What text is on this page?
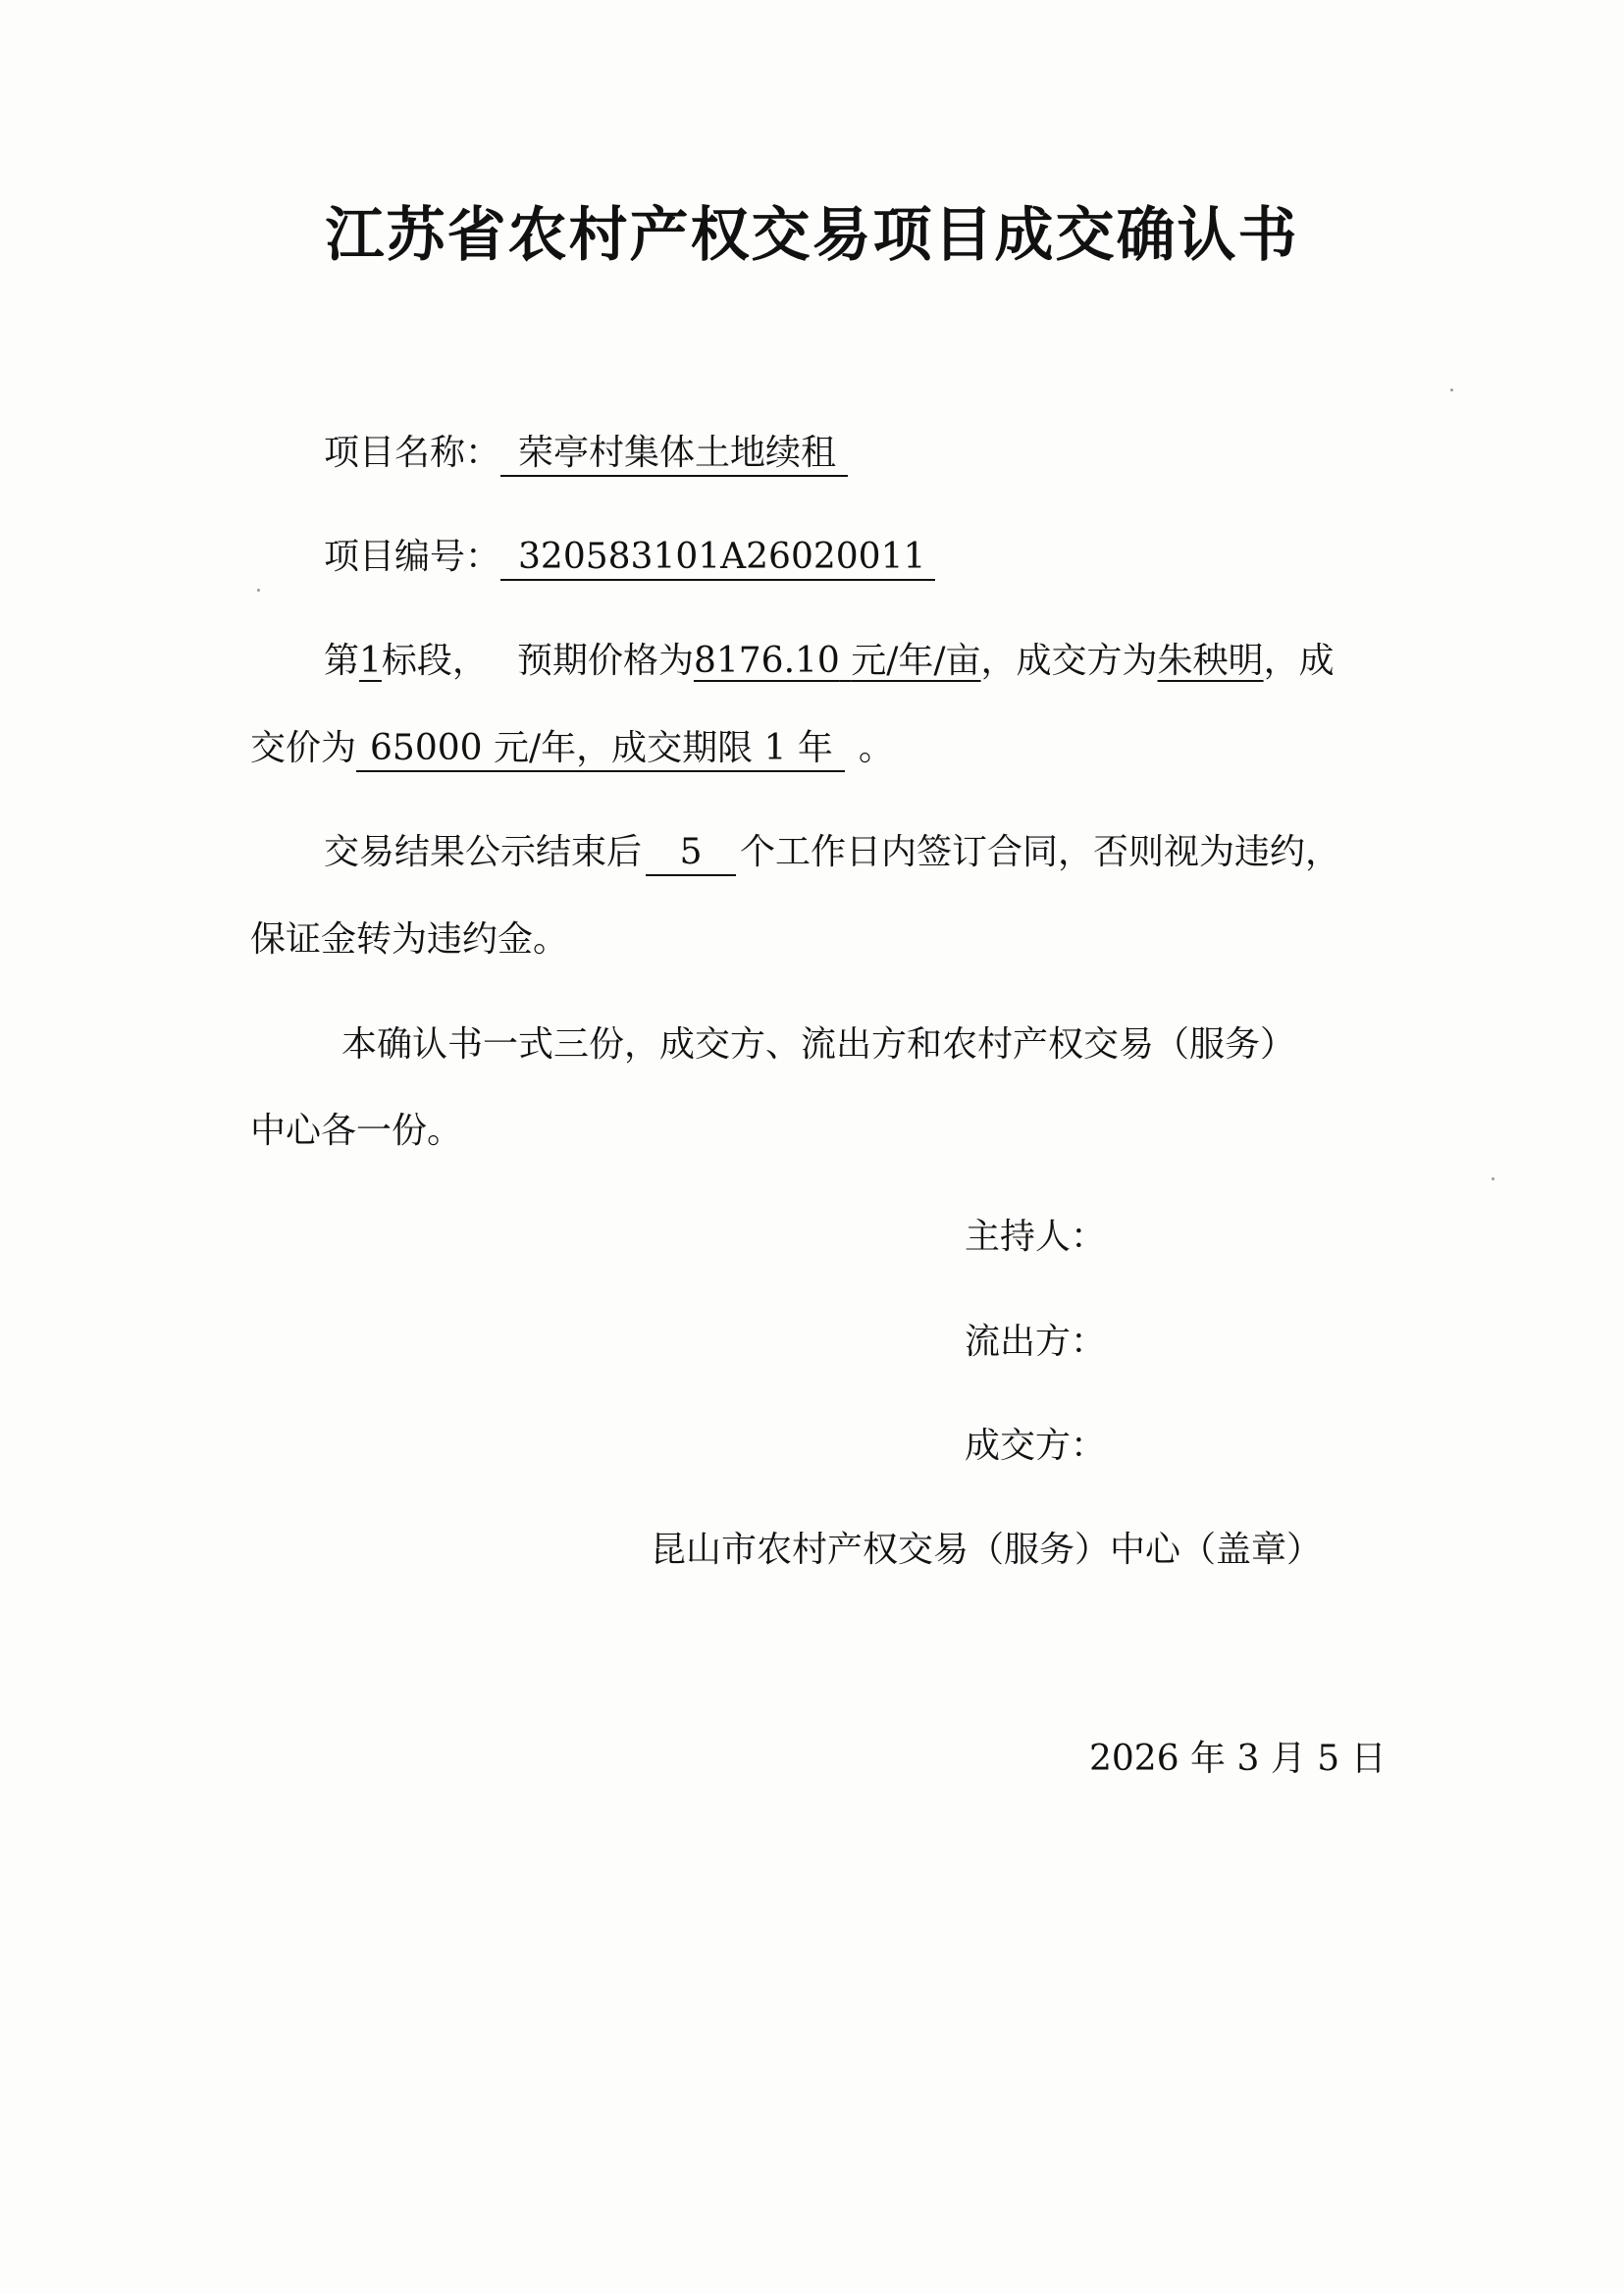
江苏省农村产权交易项目成交确认书
项目名称： 荣亭村集体土地续租
项目编号： 320583101A26020011
第1标段， 预期价格为8176.10 元/年/亩，成交方为朱秧明，成
交价为 65000 元/年，成交期限 1 年 。
交易结果公示结束后 5 个工作日内签订合同，否则视为违约，
保证金转为违约金。
本确认书一式三份，成交方、流出方和农村产权交易（服务）
中心各一份。
主持人：
流出方：
成交方：
昆山市农村产权交易（服务）中心（盖章）
2026 年 3 月 5 日
